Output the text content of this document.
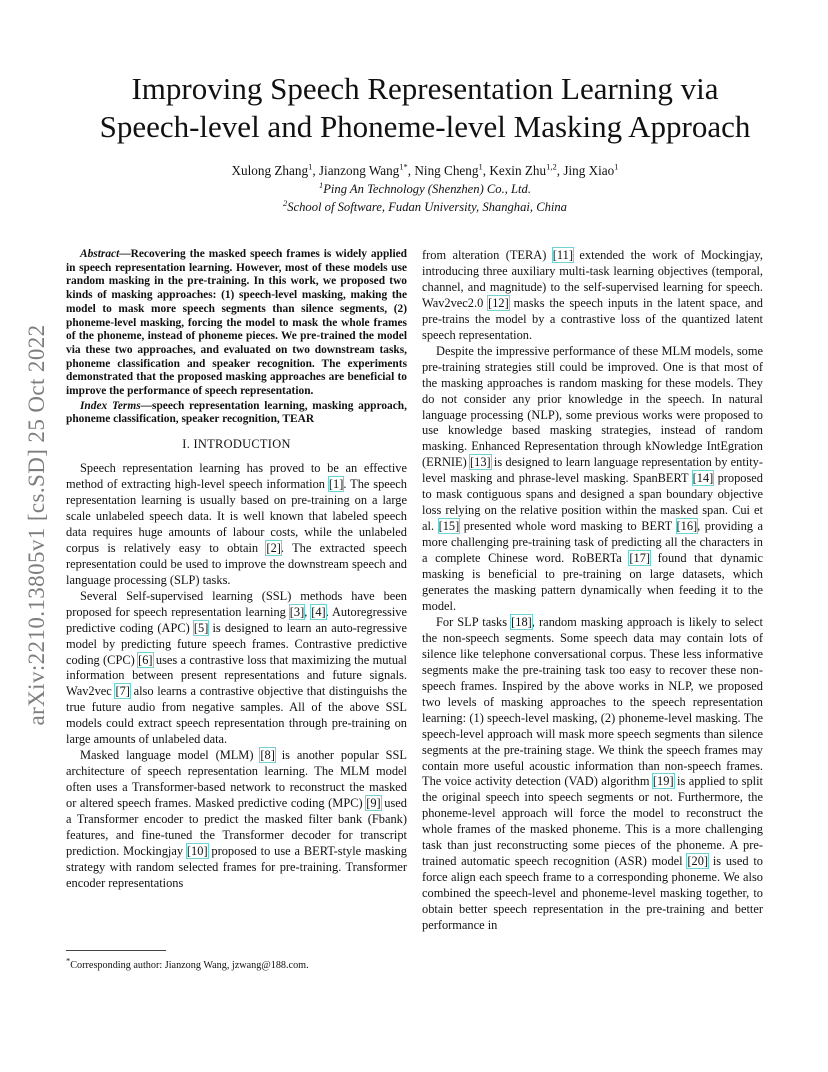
arXiv:2210.13805v1 [cs.SD] 25 Oct 2022
Improving Speech Representation Learning via
Speech-level and Phoneme-level Masking Approach
Xulong Zhang$^1$, Jianzong Wang$^{1*}$, Ning Cheng$^1$, Kexin Zhu$^{1,2}$, Jing Xiao$^1$
$^1$Ping An Technology (Shenzhen) Co., Ltd.
$^2$School of Software, Fudan University, Shanghai, China

Abstract—Recovering the masked speech frames is widely applied in speech representation learning. However, most of these models use random masking in the pre-training. In this work, we proposed two kinds of masking approaches: (1) speech-level masking, making the model to mask more speech segments than silence segments, (2) phoneme-level masking, forcing the model to mask the whole frames of the phoneme, instead of phoneme pieces. We pre-trained the model via these two approaches, and evaluated on two downstream tasks, phoneme classification and speaker recognition. The experiments demonstrated that the proposed masking approaches are beneficial to improve the performance of speech representation.

Index Terms—speech representation learning, masking approach, phoneme classification, speaker recognition, TEAR

I. INTRODUCTION

Speech representation learning has proved to be an effective method of extracting high-level speech information [ 1 ] . The speech representation learning is usually based on pre-training on a large scale unlabeled speech data. It is well known that labeled speech data requires huge amounts of labour costs, while the unlabeled corpus is relatively easy to obtain [ 2 ] . The extracted speech representation could be used to improve the downstream speech and language processing (SLP) tasks.

Several Self-supervised learning (SSL) methods have been proposed for speech representation learning [ 3 ] , [ 4 ] . Autoregressive predictive coding (APC) [ 5 ] is designed to learn an auto-regressive model by predicting future speech frames. Contrastive predictive coding (CPC) [ 6 ] uses a contrastive loss that maximizing the mutual information between present representations and future signals. Wav2vec [ 7 ] also learns a contrastive objective that distinguishs the true future audio from negative samples. All of the above SSL models could extract speech representation through pre-training on large amounts of unlabeled data.

Masked language model (MLM) [ 8 ] is another popular SSL architecture of speech representation learning. The MLM model often uses a Transformer-based network to reconstruct the masked or altered speech frames. Masked predictive coding (MPC) [ 9 ] used a Transformer encoder to predict the masked filter bank (Fbank) features, and fine-tuned the Transformer decoder for transcript prediction. Mockingjay [ 10 ] proposed to use a BERT-style masking strategy with random selected frames for pre-training. Transformer encoder representations

from alteration (TERA) [ 11 ] extended the work of Mockingjay, introducing three auxiliary multi-task learning objectives (temporal, channel, and magnitude) to the self-supervised learning for speech. Wav2vec2.0 [ 12 ] masks the speech inputs in the latent space, and pre-trains the model by a contrastive loss of the quantized latent speech representation.

Despite the impressive performance of these MLM models, some pre-training strategies still could be improved. One is that most of the masking approaches is random masking for these models. They do not consider any prior knowledge in the speech. In natural language processing (NLP), some previous works were proposed to use knowledge based masking strategies, instead of random masking. Enhanced Representation through kNowledge IntEgration (ERNIE) [ 13 ] is designed to learn language representation by entity-level masking and phrase-level masking. SpanBERT [ 14 ] proposed to mask contiguous spans and designed a span boundary objective loss relying on the relative position within the masked span. Cui et al. [ 15 ] presented whole word masking to BERT [ 16 ] , providing a more challenging pre-training task of predicting all the characters in a complete Chinese word. RoBERTa [ 17 ] found that dynamic masking is beneficial to pre-training on large datasets, which generates the masking pattern dynamically when feeding it to the model.

For SLP tasks [ 18 ] , random masking approach is likely to select the non-speech segments. Some speech data may contain lots of silence like telephone conversational corpus. These less informative segments make the pre-training task too easy to recover these non-speech frames. Inspired by the above works in NLP, we proposed two levels of masking approaches to the speech representation learning: (1) speech-level masking, (2) phoneme-level masking. The speech-level approach will mask more speech segments than silence segments at the pre-training stage. We think the speech frames may contain more useful acoustic information than non-speech frames. The voice activity detection (VAD) algorithm [ 19 ] is applied to split the original speech into speech segments or not. Furthermore, the phoneme-level approach will force the model to reconstruct the whole frames of the masked phoneme. This is a more challenging task than just reconstructing some pieces of the phoneme. A pre-trained automatic speech recognition (ASR) model [ 20 ] is used to force align each speech frame to a corresponding phoneme. We also combined the speech-level and phoneme-level masking together, to obtain better speech representation in the pre-training and better performance in

*Corresponding author: Jianzong Wang, jzwang@188.com.
